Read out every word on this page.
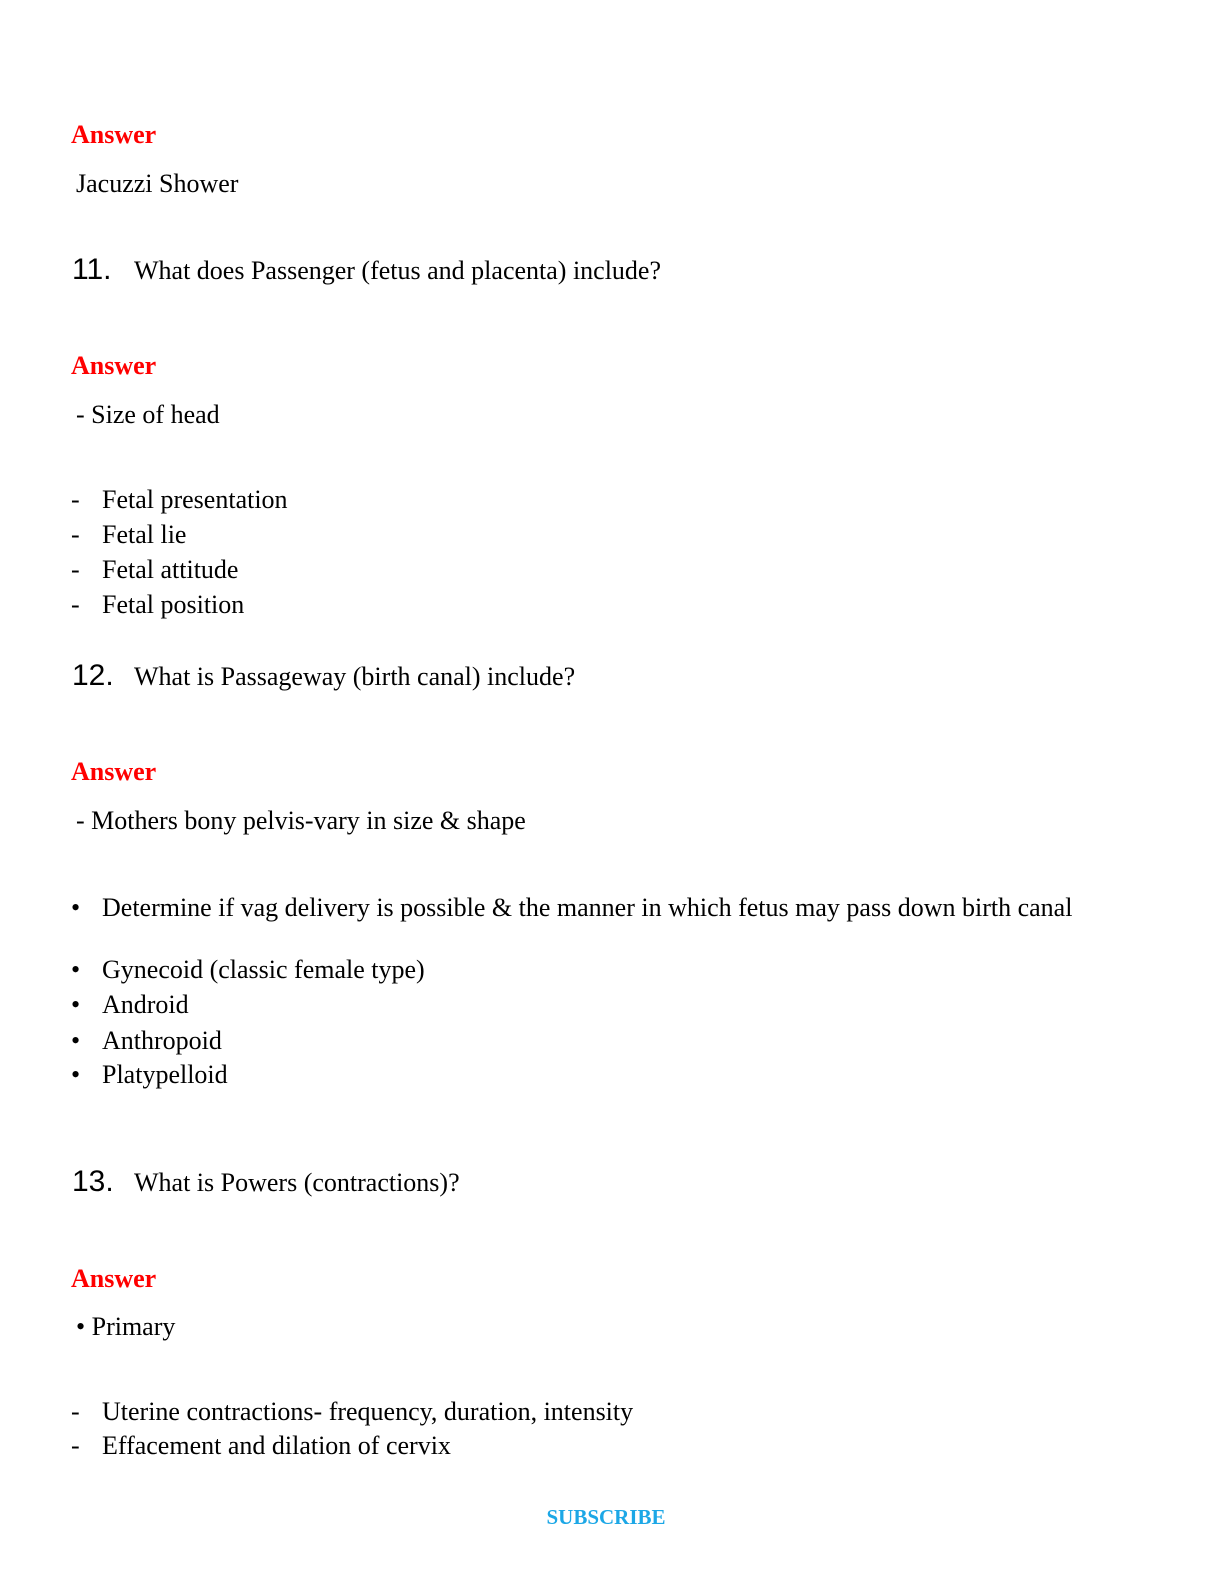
Answer
Jacuzzi Shower
11. What does Passenger (fetus and placenta) include?
Answer
- Size of head
- Fetal presentation
- Fetal lie
- Fetal attitude
- Fetal position
12. What is Passageway (birth canal) include?
Answer
- Mothers bony pelvis-vary in size & shape
• Determine if vag delivery is possible & the manner in which fetus may pass down birth canal
• Gynecoid (classic female type)
• Android
• Anthropoid
• Platypelloid
13. What is Powers (contractions)?
Answer
• Primary
- Uterine contractions- frequency, duration, intensity
- Effacement and dilation of cervix
SUBSCRIBE
